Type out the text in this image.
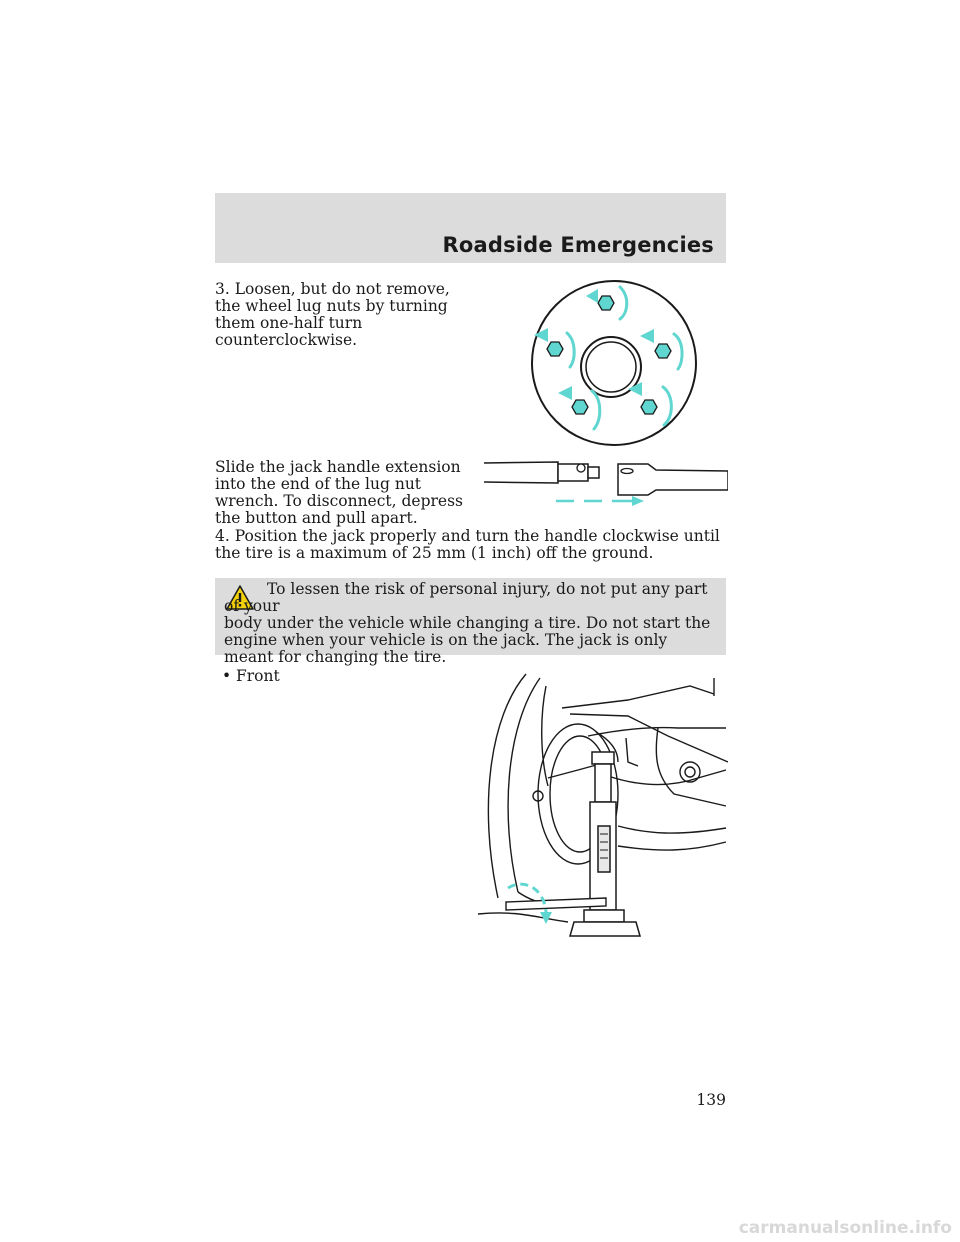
Roadside Emergencies

3. Loosen, but do not remove, the wheel lug nuts by turning them one-half turn counterclockwise.

Slide the jack handle extension into the end of the lug nut wrench. To disconnect, depress the button and pull apart.

4. Position the jack properly and turn the handle clockwise until the tire is a maximum of 25 mm (1 inch) off the ground.

To lessen the risk of personal injury, do not put any part of your
body under the vehicle while changing a tire. Do not start the engine when your vehicle is on the jack. The jack is only meant for changing the tire.

• Front
139
carmanualsonline.info
